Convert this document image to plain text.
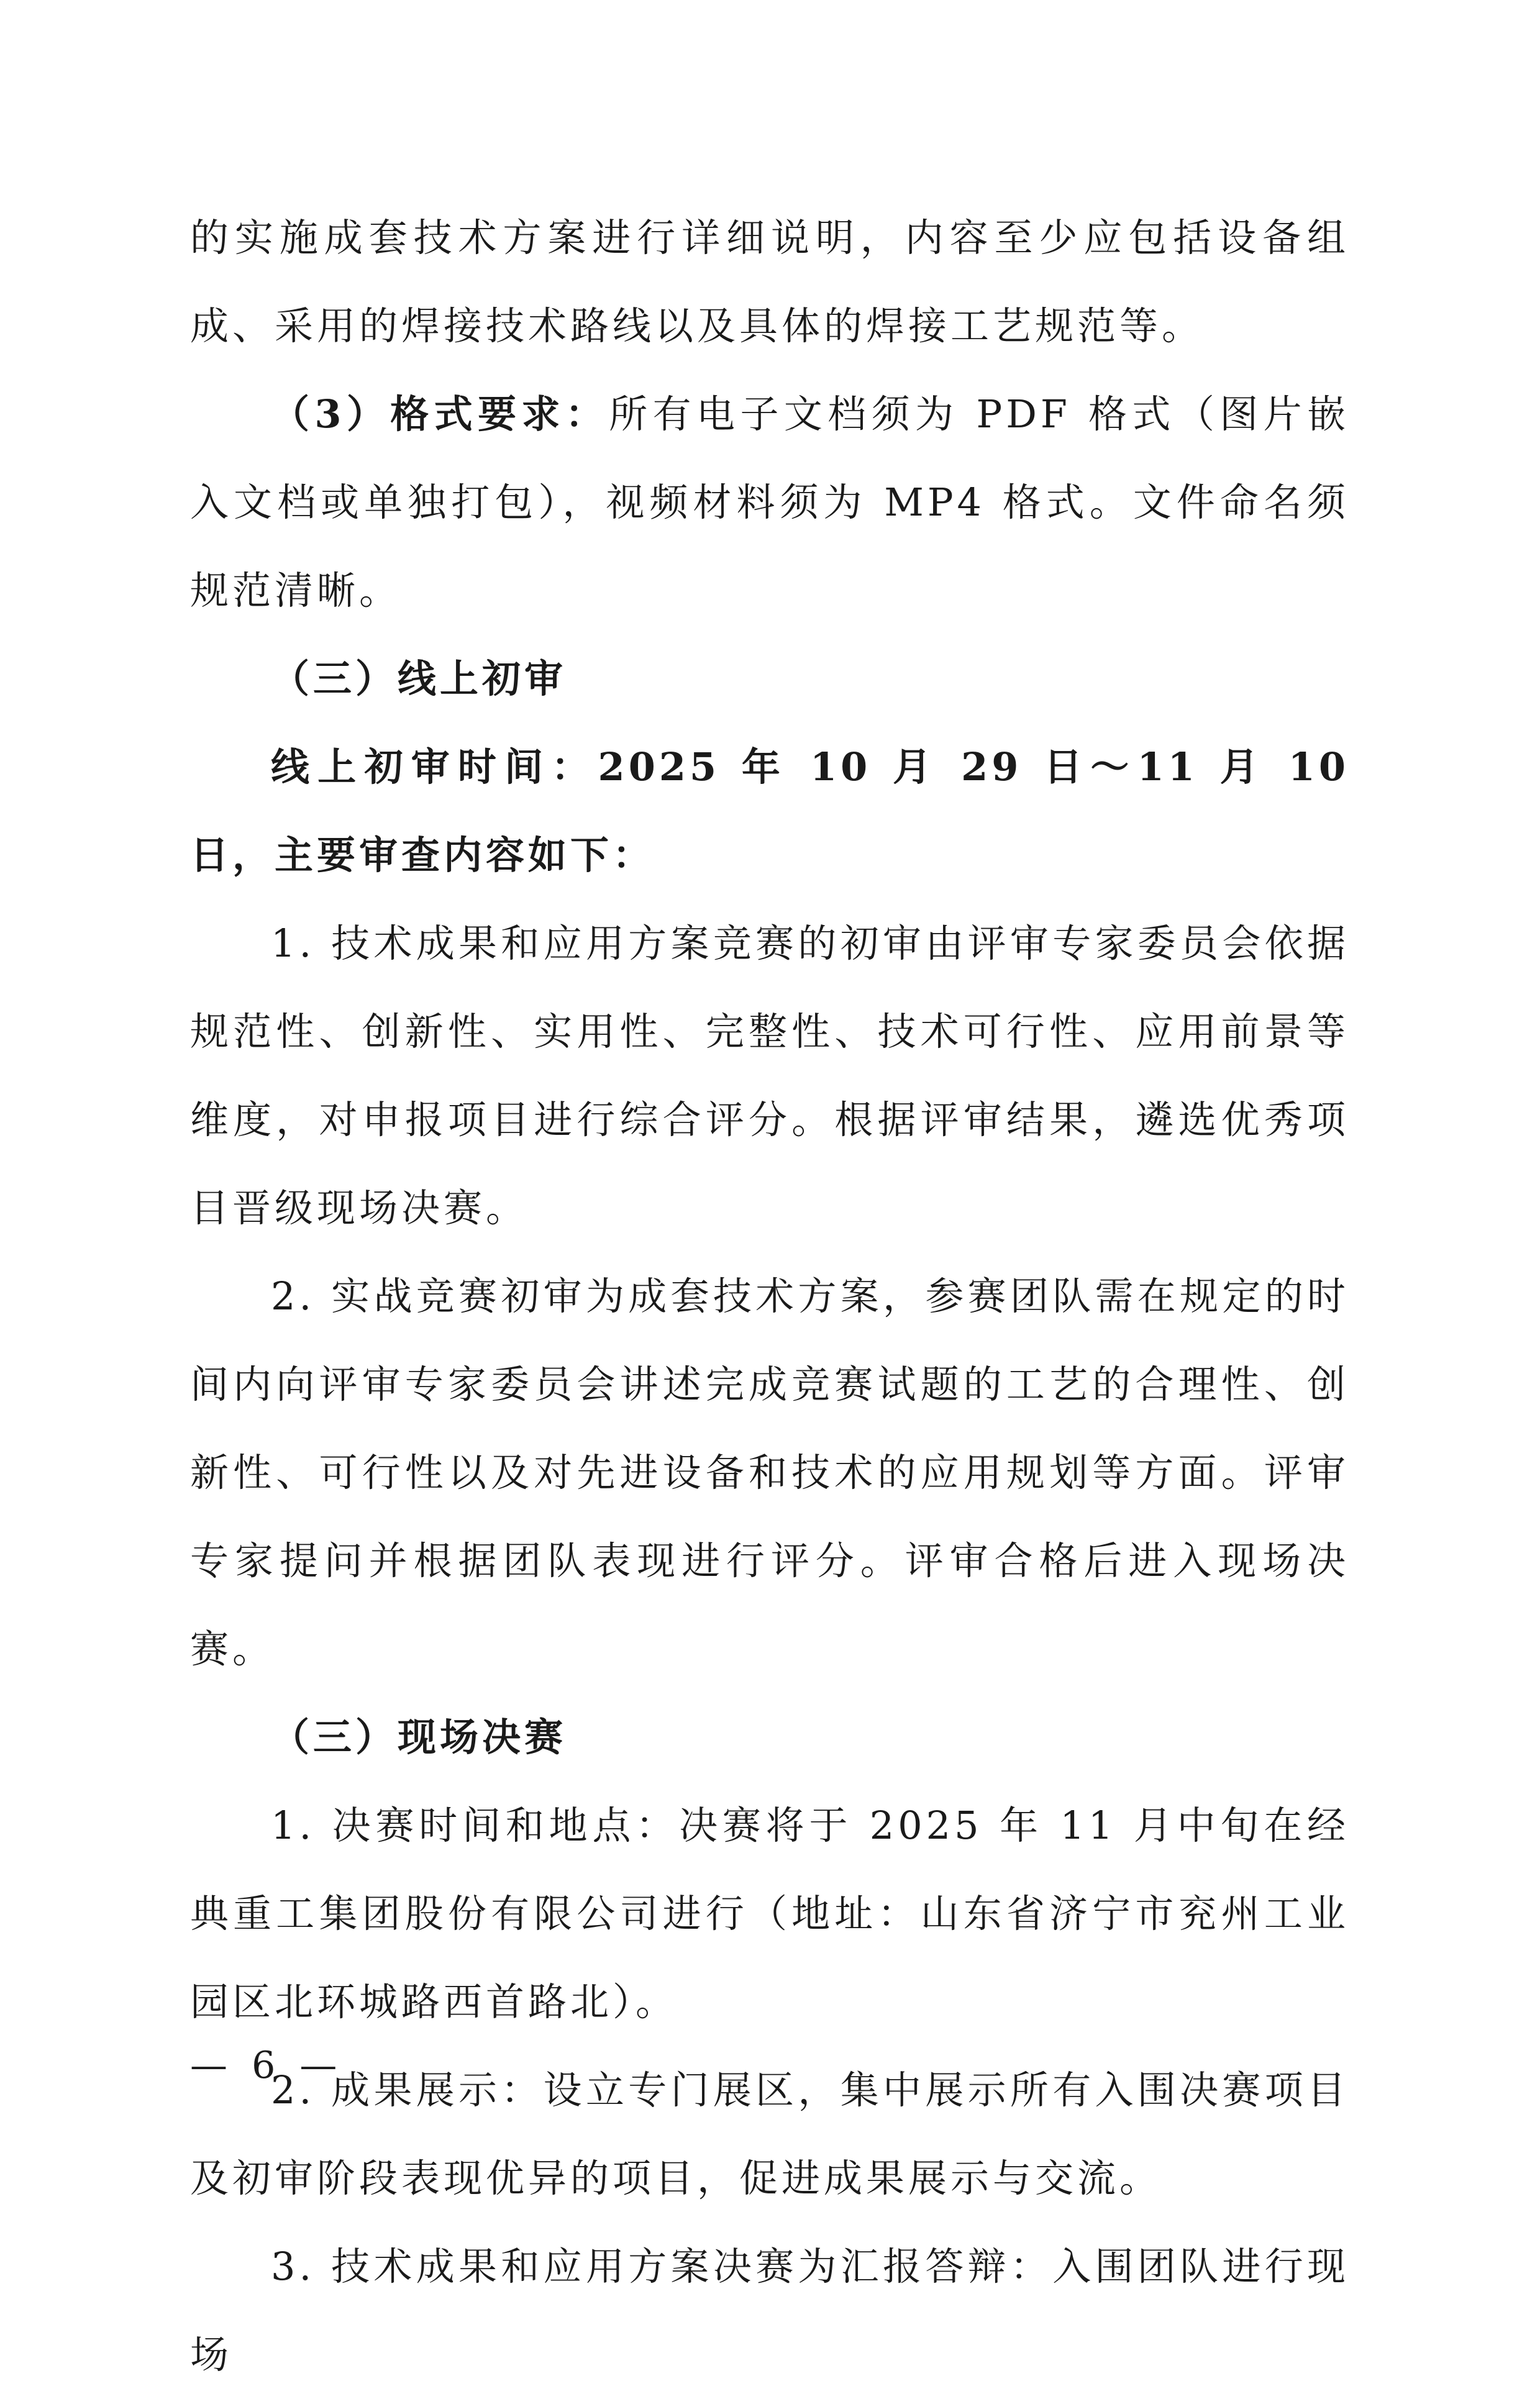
的实施成套技术方案进行详细说明，内容至少应包括设备组成、采用的焊接技术路线以及具体的焊接工艺规范等。

（3）格式要求：所有电子文档须为 PDF 格式（图片嵌入文档或单独打包），视频材料须为 MP4 格式。文件命名须规范清晰。

（三）线上初审

线上初审时间：2025 年 10 月 29 日～11 月 10 日，主要审查内容如下：

1. 技术成果和应用方案竞赛的初审由评审专家委员会依据规范性、创新性、实用性、完整性、技术可行性、应用前景等维度，对申报项目进行综合评分。根据评审结果，遴选优秀项目晋级现场决赛。

2. 实战竞赛初审为成套技术方案，参赛团队需在规定的时间内向评审专家委员会讲述完成竞赛试题的工艺的合理性、创新性、可行性以及对先进设备和技术的应用规划等方面。评审专家提问并根据团队表现进行评分。评审合格后进入现场决赛。

（三）现场决赛

1. 决赛时间和地点：决赛将于 2025 年 11 月中旬在经典重工集团股份有限公司进行（地址：山东省济宁市兖州工业园区北环城路西首路北）。

2. 成果展示：设立专门展区，集中展示所有入围决赛项目及初审阶段表现优异的项目，促进成果展示与交流。

3. 技术成果和应用方案决赛为汇报答辩：入围团队进行现场

— 6 —
